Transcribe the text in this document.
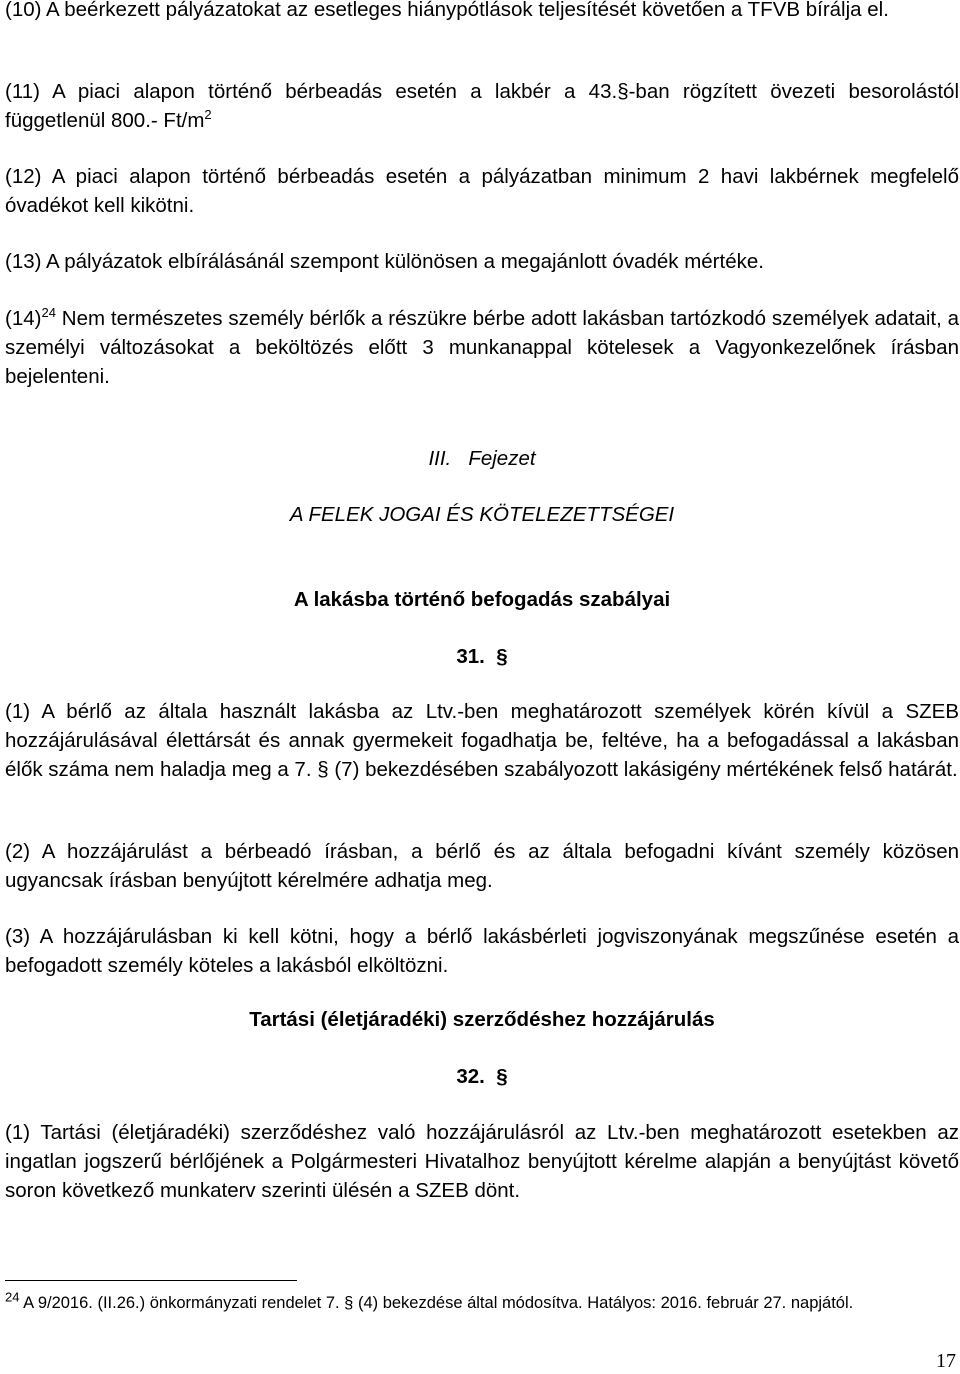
(10) A beérkezett pályázatokat az esetleges hiánypótlások teljesítését követően a TFVB bírálja el.

(11) A piaci alapon történő bérbeadás esetén a lakbér a 43.§-ban rögzített övezeti besorolástól függetlenül 800.- $Ft/m^2$

(12) A piaci alapon történő bérbeadás esetén a pályázatban minimum 2 havi lakbérnek megfelelő óvadékot kell kikötni.

(13) A pályázatok elbírálásánál szempont különösen a megajánlott óvadék mértéke.

$(14)^{24}$ Nem természetes személy bérlők a részükre bérbe adott lakásban tartózkodó személyek adatait, a személyi változásokat a beköltözés előtt 3 munkanappal kötelesek a Vagyonkezelőnek írásban bejelenteni.

III. Fejezet

A FELEK JOGAI ÉS KÖTELEZETTSÉGEI

A lakásba történő befogadás szabályai

31. §

(1) A bérlő az általa használt lakásba az Ltv.-ben meghatározott személyek körén kívül a SZEB hozzájárulásával élettársát és annak gyermekeit fogadhatja be, feltéve, ha a befogadással a lakásban élők száma nem haladja meg a 7. § (7) bekezdésében szabályozott lakásigény mértékének felső határát.

(2) A hozzájárulást a bérbeadó írásban, a bérlő és az általa befogadni kívánt személy közösen ugyancsak írásban benyújtott kérelmére adhatja meg.

(3) A hozzájárulásban ki kell kötni, hogy a bérlő lakásbérleti jogviszonyának megszűnése esetén a befogadott személy köteles a lakásból elköltözni.

Tartási (életjáradéki) szerződéshez hozzájárulás

32. §

(1) Tartási (életjáradéki) szerződéshez való hozzájárulásról az Ltv.-ben meghatározott esetekben az ingatlan jogszerű bérlőjének a Polgármesteri Hivatalhoz benyújtott kérelme alapján a benyújtást követő soron következő munkaterv szerinti ülésén a SZEB dönt.

$^{24}$ A 9/2016. (II.26.) önkormányzati rendelet 7. § (4) bekezdése által módosítva. Hatályos: 2016. február 27. napjától.

17
